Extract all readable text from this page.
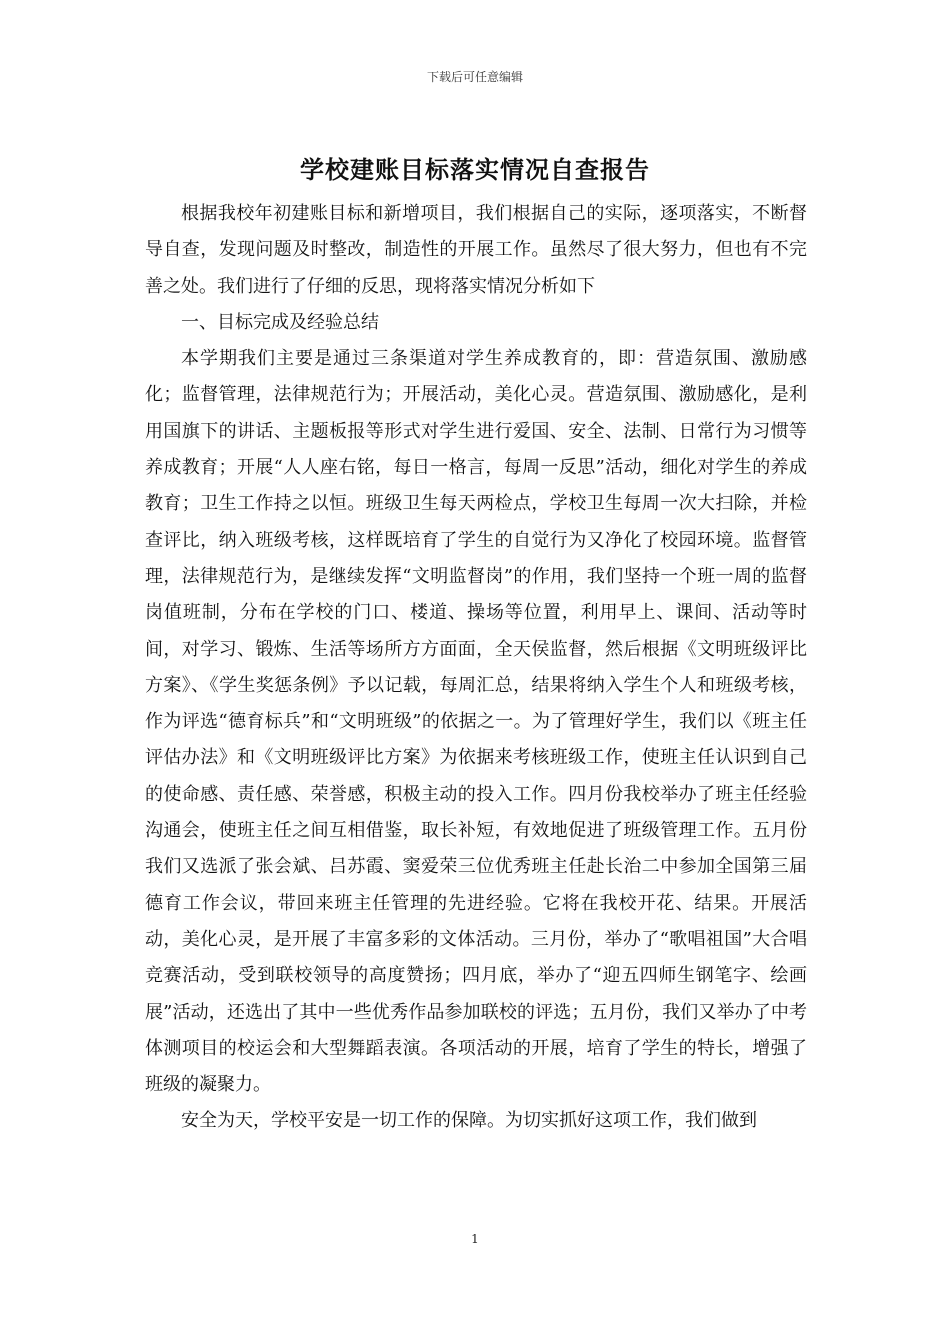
下载后可任意编辑
学校建账目标落实情况自查报告

根据我校年初建账目标和新增项目，我们根据自己的实际，逐项落实，不断督导自查，发现问题及时整改，制造性的开展工作。虽然尽了很大努力，但也有不完善之处。我们进行了仔细的反思，现将落实情况分析如下

一、目标完成及经验总结

本学期我们主要是通过三条渠道对学生养成教育的，即：营造氛围、激励感化；监督管理，法律规范行为；开展活动，美化心灵。营造氛围、激励感化，是利用国旗下的讲话、主题板报等形式对学生进行爱国、安全、法制、日常行为习惯等养成教育；开展“人人座右铭，每日一格言，每周一反思”活动，细化对学生的养成教育；卫生工作持之以恒。班级卫生每天两检点，学校卫生每周一次大扫除，并检查评比，纳入班级考核，这样既培育了学生的自觉行为又净化了校园环境。监督管理，法律规范行为，是继续发挥“文明监督岗”的作用，我们坚持一个班一周的监督岗值班制，分布在学校的门口、楼道、操场等位置，利用早上、课间、活动等时间，对学习、锻炼、生活等场所方方面面，全天侯监督，然后根据《文明班级评比方案》、《学生奖惩条例》予以记载，每周汇总，结果将纳入学生个人和班级考核，作为评选“德育标兵”和“文明班级”的依据之一。为了管理好学生，我们以《班主任评估办法》和《文明班级评比方案》为依据来考核班级工作，使班主任认识到自己的使命感、责任感、荣誉感，积极主动的投入工作。四月份我校举办了班主任经验沟通会，使班主任之间互相借鉴，取长补短，有效地促进了班级管理工作。五月份我们又选派了张会斌、吕苏霞、窦爱荣三位优秀班主任赴长治二中参加全国第三届德育工作会议，带回来班主任管理的先进经验。它将在我校开花、结果。开展活动，美化心灵，是开展了丰富多彩的文体活动。三月份，举办了“歌唱祖国”大合唱竞赛活动，受到联校领导的高度赞扬；四月底，举办了“迎五四师生钢笔字、绘画展”活动，还选出了其中一些优秀作品参加联校的评选；五月份，我们又举办了中考体测项目的校运会和大型舞蹈表演。各项活动的开展，培育了学生的特长，增强了班级的凝聚力。

安全为天，学校平安是一切工作的保障。为切实抓好这项工作，我们做到

1
